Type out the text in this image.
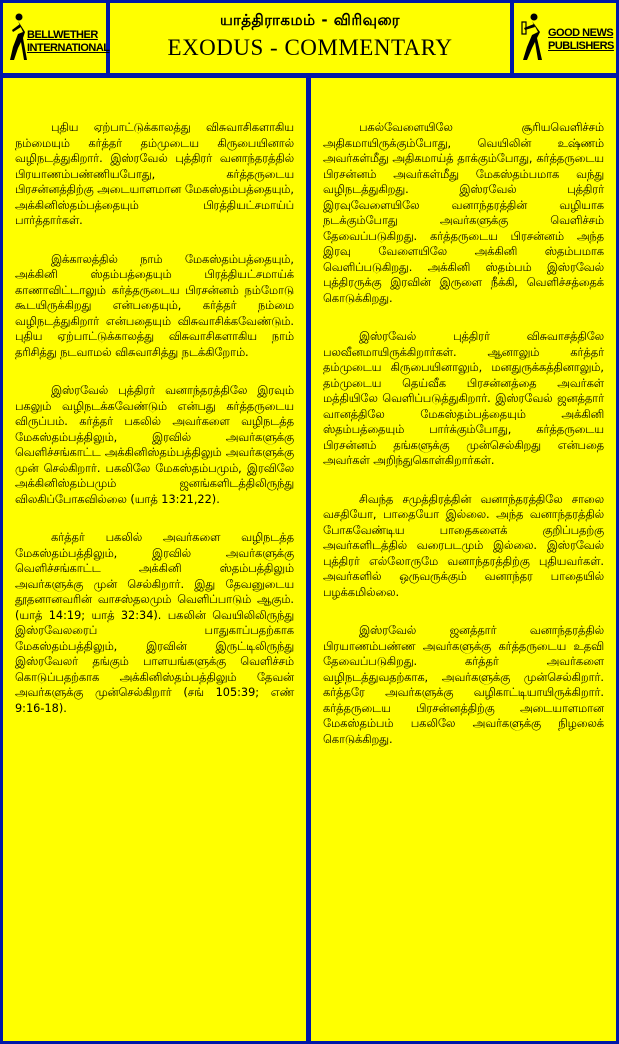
BELLWETHER
INTERNATIONAL
யாத்திராகமம் - விரிவுரை
EXODUS - COMMENTARY
GOOD NEWS
PUBLISHERS

புதிய ஏற்பாட்டுக்காலத்து விசுவாசிகளாகிய நம்மையும் கர்த்தர் தம்முடைய கிருபையினால் வழிநடத்துகிறார். இஸ்ரவேல் புத்திரர் வனாந்தரத்தில் பிரயாணம்பண்ணியபோது, கர்த்தருடைய பிரசன்னத்திற்கு அடையாளமான மேகஸ்தம்பத்தையும், அக்கினிஸ்தம்பத்தையும் பிரத்தியட்சமாய்ப் பார்த்தார்கள்.

இக்காலத்தில் நாம் மேகஸ்தம்பத்தையும், அக்கினி ஸ்தம்பத்தையும் பிரத்தியட்சமாய்க் காணாவிட்டாலும் கர்த்தருடைய பிரசன்னம் நம்மோடு கூடயிருக்கிறது என்பதையும், கர்த்தர் நம்மை வழிநடத்துகிறார் என்பதையும் விசுவாசிக்கவேண்டும். புதிய ஏற்பாட்டுக்காலத்து விசுவாசிகளாகிய நாம் தரிசித்து நடவாமல் விசுவாசித்து நடக்கிறோம்.

இஸ்ரவேல் புத்திரர் வனாந்தரத்திலே இரவும் பகலும் வழிநடக்கவேண்டும் என்பது கர்த்தருடைய விருப்பம். கர்த்தர் பகலில் அவர்களை வழிநடத்த மேகஸ்தம்பத்திலும், இரவில் அவர்களுக்கு வெளிச்சங்காட்ட அக்கினிஸ்தம்பத்திலும் அவர்களுக்கு முன் செல்கிறார். பகலிலே மேகஸ்தம்பமும், இரவிலே அக்கினிஸ்தம்பமும் ஜனங்களிடத்திலிருந்து விலகிப்போகவில்லை (யாத் 13:21,22).

கர்த்தர் பகலில் அவர்களை வழிநடத்த மேகஸ்தம்பத்திலும், இரவில் அவர்களுக்கு வெளிச்சங்காட்ட அக்கினி ஸ்தம்பத்திலும் அவர்களுக்கு முன் செல்கிறார். இது தேவனுடைய தூதனானவரின் வாசஸ்தலமும் வெளிப்பாடும் ஆகும். (யாத் 14:19; யாத் 32:34). பகலின் வெயிலிலிருந்து இஸ்ரவேலரைப் பாதுகாப்பதற்காக மேகஸ்தம்பத்திலும், இரவின் இருட்டிலிருந்து இஸ்ரவேலர் தங்கும் பாளயங்களுக்கு வெளிச்சம் கொடுப்பதற்காக அக்கினிஸ்தம்பத்திலும் தேவன் அவர்களுக்கு முன்செல்கிறார் (சங் 105:39; எண் 9:16-18).

பகல்வேளையிலே சூரியவெளிச்சம் அதிகமாயிருக்கும்போது, வெயிலின் உஷ்ணம் அவர்கள்மீது அதிகமாய்த் தாக்கும்போது, கர்த்தருடைய பிரசன்னம் அவர்கள்மீது மேகஸ்தம்பமாக வந்து வழிநடத்துகிறது. இஸ்ரவேல் புத்திரர் இரவுவேளையிலே வனாந்தரத்தின் வழியாக நடக்கும்போது அவர்களுக்கு வெளிச்சம் தேவைப்படுகிறது. கர்த்தருடைய பிரசன்னம் அந்த இரவு வேளையிலே அக்கினி ஸ்தம்பமாக வெளிப்படுகிறது. அக்கினி ஸ்தம்பம் இஸ்ரவேல் புத்திரருக்கு இரவின் இருளை நீக்கி, வெளிச்சத்தைக் கொடுக்கிறது.

இஸ்ரவேல் புத்திரர் விசுவாசத்திலே பலவீனமாயிருக்கிறார்கள். ஆனாலும் கர்த்தர் தம்முடைய கிருபையினாலும், மனதுருக்கத்தினாலும், தம்முடைய தெய்வீக பிரசன்னத்தை அவர்கள் மத்தியிலே வெளிப்படுத்துகிறார். இஸ்ரவேல் ஜனத்தார் வானத்திலே மேகஸ்தம்பத்தையும் அக்கினி ஸ்தம்பத்தையும் பார்க்கும்போது, கர்த்தருடைய பிரசன்னம் தங்களுக்கு முன்செல்கிறது என்பதை அவர்கள் அறிந்துகொள்கிறார்கள்.

சிவந்த சமுத்திரத்தின் வனாந்தரத்திலே சாலை வசதியோ, பாதையோ இல்லை. அந்த வனாந்தரத்தில் போகவேண்டிய பாதைகளைக் குறிப்பதற்கு அவர்களிடத்தில் வரைபடமும் இல்லை. இஸ்ரவேல் புத்திரர் எல்லோருமே வனாந்தரத்திற்கு புதியவர்கள். அவர்களில் ஒருவருக்கும் வனாந்தர பாதையில் பழக்கமில்லை.

இஸ்ரவேல் ஜனத்தார் வனாந்தரத்தில் பிரயாணம்பண்ண அவர்களுக்கு கர்த்தருடைய உதவி தேவைப்படுகிறது. கர்த்தர் அவர்களை வழிநடத்துவதற்காக, அவர்களுக்கு முன்செல்கிறார். கர்த்தரே அவர்களுக்கு வழிகாட்டியாயிருக்கிறார். கர்த்தருடைய பிரசன்னத்திற்கு அடையாளமான மேகஸ்தம்பம் பகலிலே அவர்களுக்கு நிழலைக் கொடுக்கிறது.
